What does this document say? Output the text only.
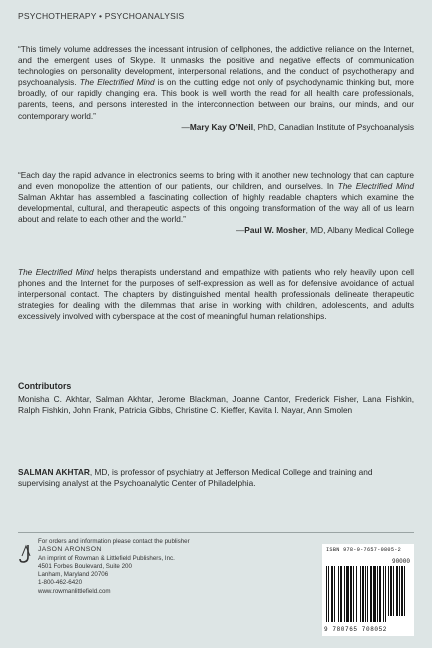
PSYCHOTHERAPY • PSYCHOANALYSIS
“This timely volume addresses the incessant intrusion of cellphones, the addictive reliance on the Internet, and the emergent uses of Skype. It unmasks the positive and negative effects of communication technologies on personality development, interpersonal relations, and the conduct of psychotherapy and psychoanalysis. The Electrified Mind is on the cutting edge not only of psychodynamic thinking but, more broadly, of our rapidly changing era. This book is well worth the read for all health care professionals, parents, teens, and persons interested in the interconnection between our brains, our minds, and our contemporary world.”
—Mary Kay O’Neil, PhD, Canadian Institute of Psychoanalysis
“Each day the rapid advance in electronics seems to bring with it another new technology that can capture and even monopolize the attention of our patients, our children, and ourselves. In The Electrified Mind Salman Akhtar has assembled a fascinating collection of highly readable chapters which examine the developmental, cultural, and therapeutic aspects of this ongoing transformation of the way all of us learn about and relate to each other and the world.”
—Paul W. Mosher, MD, Albany Medical College
The Electrified Mind helps therapists understand and empathize with patients who rely heavily upon cell phones and the Internet for the purposes of self-expression as well as for defensive avoidance of actual interpersonal contact. The chapters by distinguished mental health professionals delineate therapeutic strategies for dealing with the dilemmas that arise in working with children, adolescents, and adults excessively involved with cyberspace at the cost of meaningful human relationships.
Contributors
Monisha C. Akhtar, Salman Akhtar, Jerome Blackman, Joanne Cantor, Frederick Fisher, Lana Fishkin, Ralph Fishkin, John Frank, Patricia Gibbs, Christine C. Kieffer, Kavita I. Nayar, Ann Smolen
SALMAN AKHTAR, MD, is professor of psychiatry at Jefferson Medical College and training and supervising analyst at the Psychoanalytic Center of Philadelphia.
For orders and information please contact the publisher
JASON ARONSON
An imprint of Rowman & Littlefield Publishers, Inc.
4501 Forbes Boulevard, Suite 200
Lanham, Maryland 20706
1-800-462-6420
www.rowmanlittlefield.com
ISBN 978-0-7657-0805-2
90000
9 780765 708052
